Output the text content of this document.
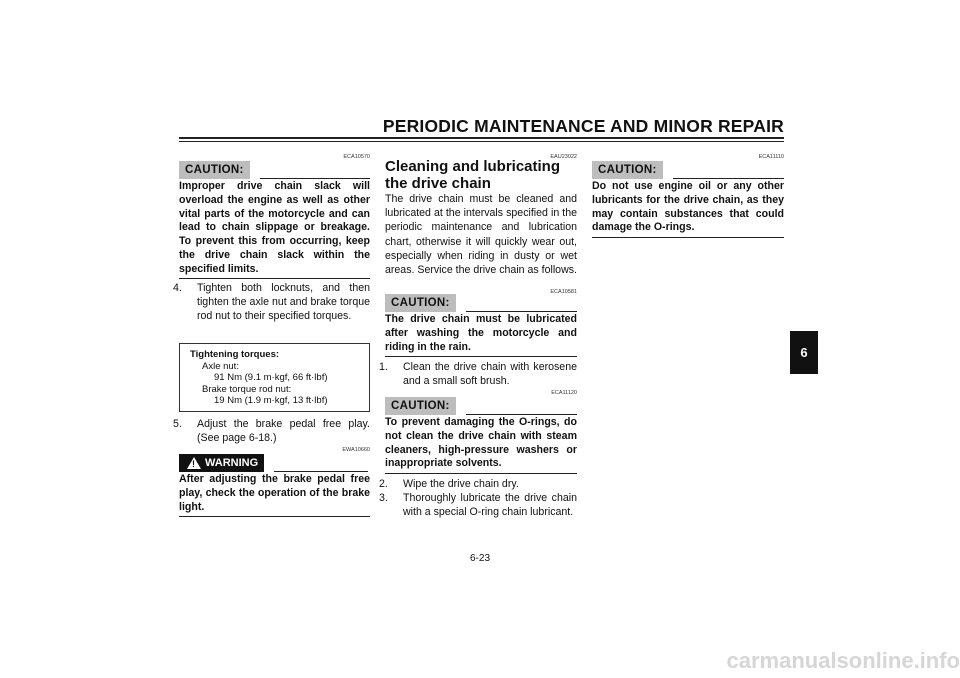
PERIODIC MAINTENANCE AND MINOR REPAIR
ECA10570
CAUTION:
Improper drive chain slack will overload the engine as well as other vital parts of the motorcycle and can lead to chain slippage or breakage. To prevent this from occurring, keep the drive chain slack within the specified limits.
4. Tighten both locknuts, and then tighten the axle nut and brake torque rod nut to their specified torques.
Tightening torques:
Axle nut:
91 Nm (9.1 m·kgf, 66 ft·lbf)
Brake torque rod nut:
19 Nm (1.9 m·kgf, 13 ft·lbf)
5. Adjust the brake pedal free play. (See page 6-18.)
EWA10660
! WARNING
After adjusting the brake pedal free play, check the operation of the brake light.
EAU23022
Cleaning and lubricating the drive chain
The drive chain must be cleaned and lubricated at the intervals specified in the periodic maintenance and lubrication chart, otherwise it will quickly wear out, especially when riding in dusty or wet areas. Service the drive chain as follows.
ECA10581
CAUTION:
The drive chain must be lubricated after washing the motorcycle and riding in the rain.
1. Clean the drive chain with kerosene and a small soft brush.
ECA11120
CAUTION:
To prevent damaging the O-rings, do not clean the drive chain with steam cleaners, high-pressure washers or inappropriate solvents.
2. Wipe the drive chain dry.
3. Thoroughly lubricate the drive chain with a special O-ring chain lubricant.
ECA11110
CAUTION:
Do not use engine oil or any other lubricants for the drive chain, as they may contain substances that could damage the O-rings.
6
6-23
carmanualsonline.info
